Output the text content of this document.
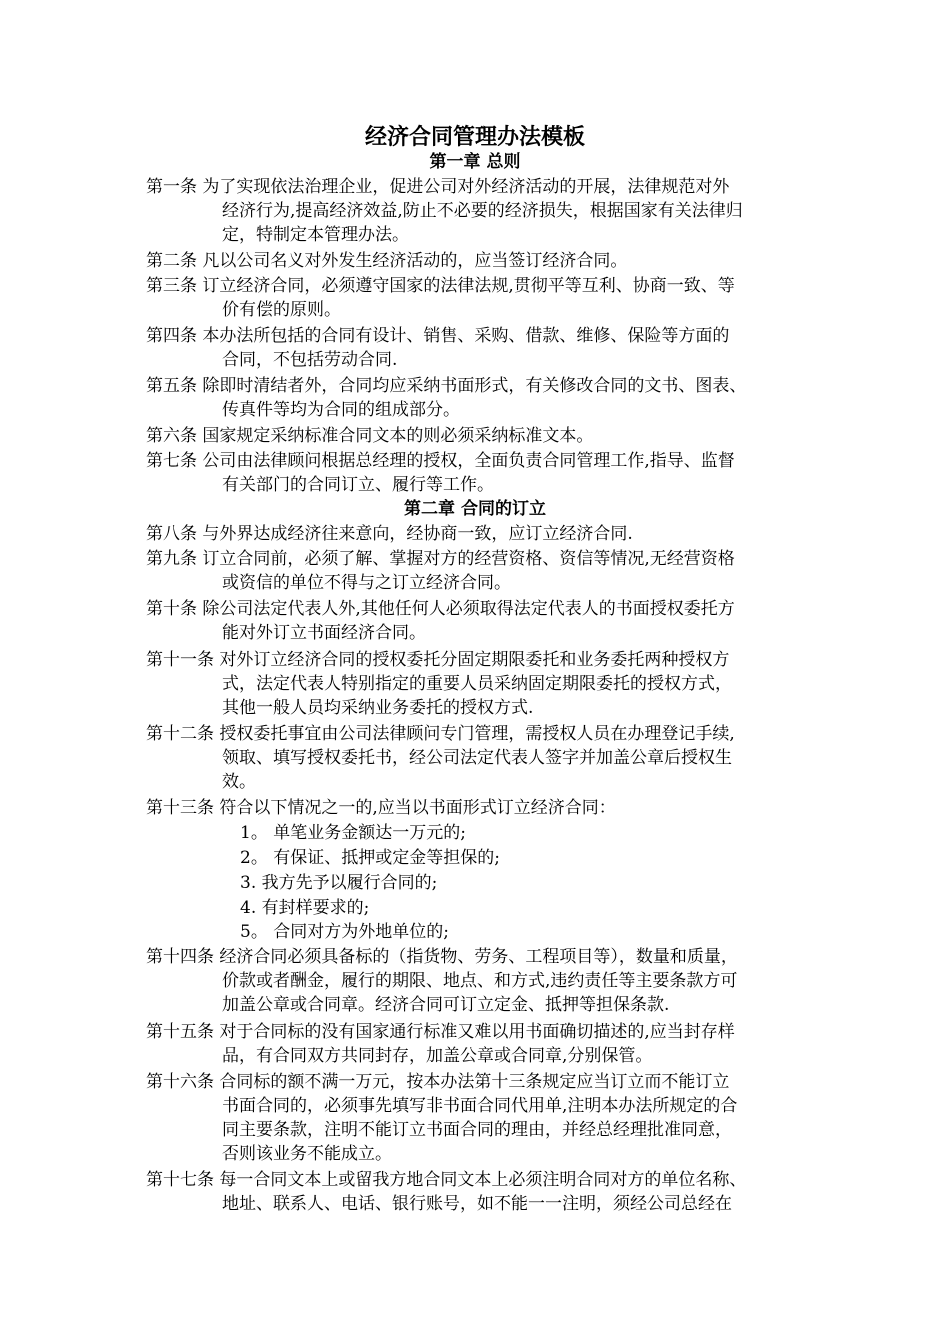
经济合同管理办法模板
第一章 总则
第一条 为了实现依法治理企业，促进公司对外经济活动的开展，法律规范对外
经济行为,提高经济效益,防止不必要的经济损失，根据国家有关法律归
定，特制定本管理办法。
第二条 凡以公司名义对外发生经济活动的，应当签订经济合同。
第三条 订立经济合同，必须遵守国家的法律法规,贯彻平等互利、协商一致、等
价有偿的原则。
第四条 本办法所包括的合同有设计、销售、采购、借款、维修、保险等方面的
合同，不包括劳动合同.
第五条 除即时清结者外，合同均应采纳书面形式，有关修改合同的文书、图表、
传真件等均为合同的组成部分。
第六条 国家规定采纳标准合同文本的则必须采纳标准文本。
第七条 公司由法律顾问根据总经理的授权，全面负责合同管理工作,指导、监督
有关部门的合同订立、履行等工作。
第二章 合同的订立
第八条 与外界达成经济往来意向，经协商一致，应订立经济合同.
第九条 订立合同前，必须了解、掌握对方的经营资格、资信等情况,无经营资格
或资信的单位不得与之订立经济合同。
第十条 除公司法定代表人外,其他任何人必须取得法定代表人的书面授权委托方
能对外订立书面经济合同。
第十一条 对外订立经济合同的授权委托分固定期限委托和业务委托两种授权方
式，法定代表人特别指定的重要人员采纳固定期限委托的授权方式，
其他一般人员均采纳业务委托的授权方式.
第十二条 授权委托事宜由公司法律顾问专门管理，需授权人员在办理登记手续,
领取、填写授权委托书，经公司法定代表人签字并加盖公章后授权生
效。
第十三条 符合以下情况之一的,应当以书面形式订立经济合同：
1。 单笔业务金额达一万元的;
2。 有保证、抵押或定金等担保的;
3. 我方先予以履行合同的;
4. 有封样要求的;
5。 合同对方为外地单位的;
第十四条 经济合同必须具备标的（指货物、劳务、工程项目等），数量和质量，
价款或者酬金，履行的期限、地点、和方式,违约责任等主要条款方可
加盖公章或合同章。经济合同可订立定金、抵押等担保条款.
第十五条 对于合同标的没有国家通行标准又难以用书面确切描述的,应当封存样
品，有合同双方共同封存，加盖公章或合同章,分别保管。
第十六条 合同标的额不满一万元，按本办法第十三条规定应当订立而不能订立
书面合同的，必须事先填写非书面合同代用单,注明本办法所规定的合
同主要条款，注明不能订立书面合同的理由，并经总经理批准同意，
否则该业务不能成立。
第十七条 每一合同文本上或留我方地合同文本上必须注明合同对方的单位名称、
地址、联系人、电话、银行账号，如不能一一注明，须经公司总经在
